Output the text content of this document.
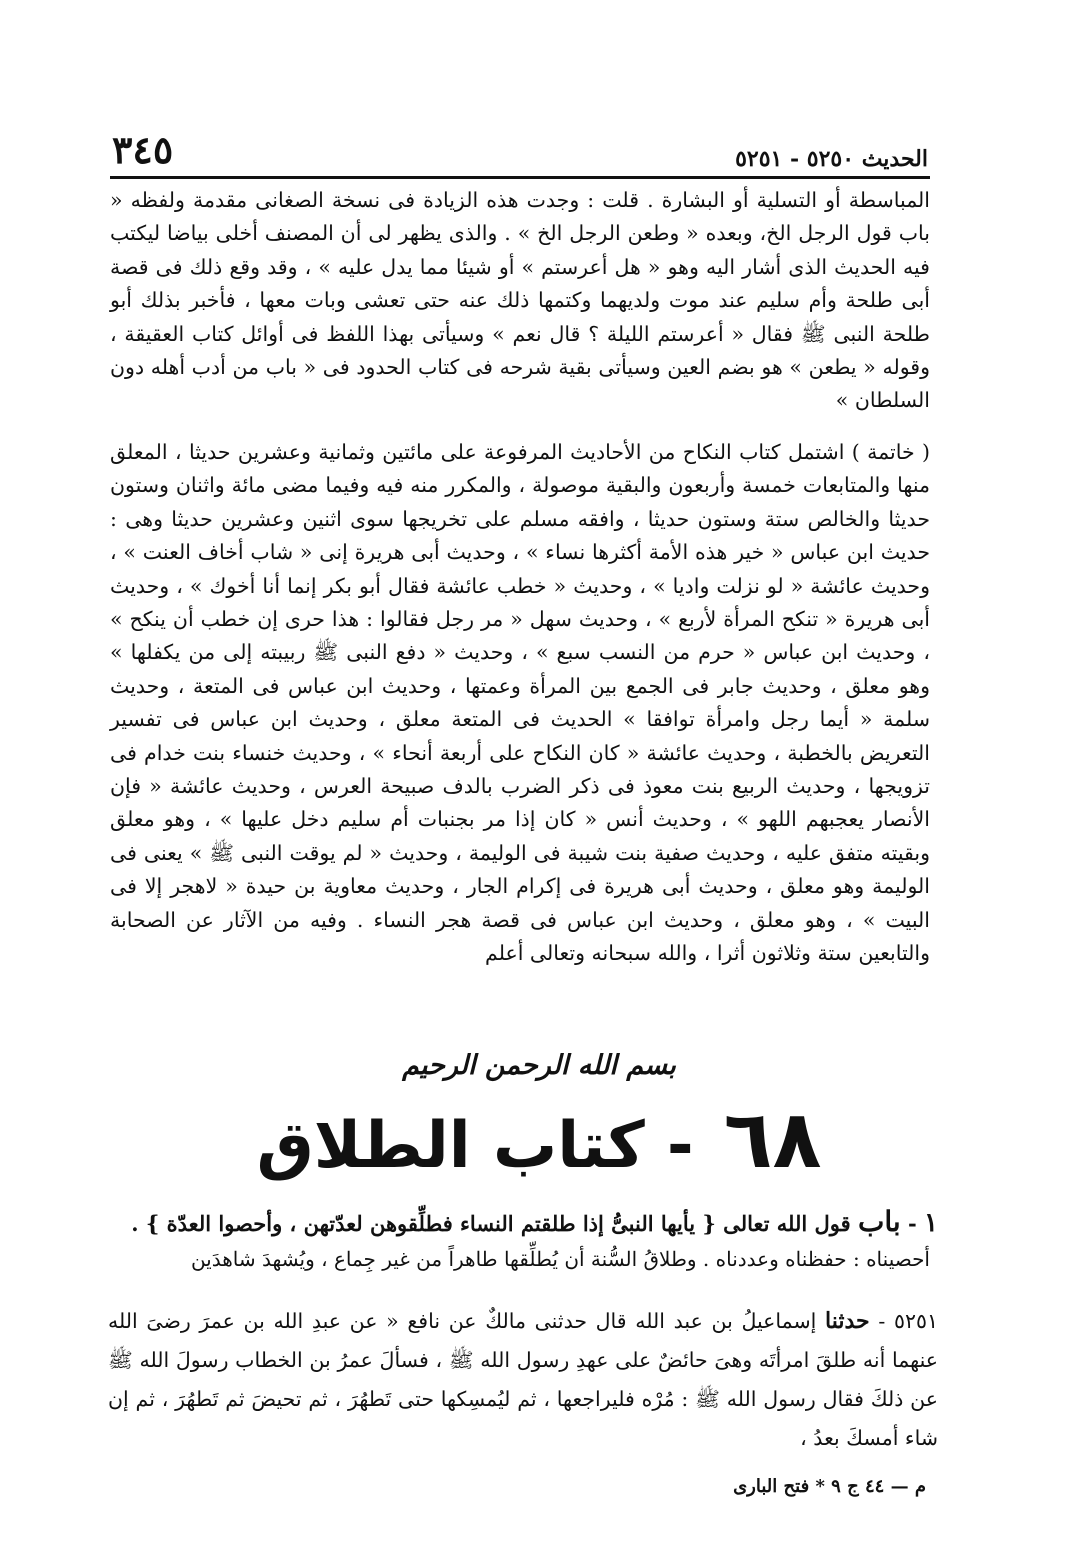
الحديث ٥٢٥٠ - ٥٢٥١
٣٤٥

المباسطة أو التسلية أو البشارة . قلت : وجدت هذه الزيادة فى نسخة الصغانى مقدمة ولفظه « باب قول الرجل الخ، وبعده « وطعن الرجل الخ » . والذى يظهر لى أن المصنف أخلى بياضا ليكتب فيه الحديث الذى أشار اليه وهو « هل أعرستم » أو شيئا مما يدل عليه » ، وقد وقع ذلك فى قصة أبى طلحة وأم سليم عند موت ولديهما وكتمها ذلك عنه حتى تعشى وبات معها ، فأخبر بذلك أبو طلحة النبى ﷺ فقال « أعرستم الليلة ؟ قال نعم » وسيأتى بهذا اللفظ فى أوائل كتاب العقيقة ، وقوله « يطعن » هو بضم العين وسيأتى بقية شرحه فى كتاب الحدود فى « باب من أدب أهله دون السلطان »

( خاتمة ) اشتمل كتاب النكاح من الأحاديث المرفوعة على مائتين وثمانية وعشرين حديثا ، المعلق منها والمتابعات خمسة وأربعون والبقية موصولة ، والمكرر منه فيه وفيما مضى مائة واثنان وستون حديثا والخالص ستة وستون حديثا ، وافقه مسلم على تخريجها سوى اثنين وعشرين حديثا وهى : حديث ابن عباس « خير هذه الأمة أكثرها نساء » ، وحديث أبى هريرة إنى « شاب أخاف العنت » ، وحديث عائشة « لو نزلت واديا » ، وحديث « خطب عائشة فقال أبو بكر إنما أنا أخوك » ، وحديث أبى هريرة « تنكح المرأة لأربع » ، وحديث سهل « مر رجل فقالوا : هذا حرى إن خطب أن ينكح » ، وحديث ابن عباس « حرم من النسب سبع » ، وحديث « دفع النبى ﷺ ربيبته إلى من يكفلها » وهو معلق ، وحديث جابر فى الجمع بين المرأة وعمتها ، وحديث ابن عباس فى المتعة ، وحديث سلمة « أيما رجل وامرأة توافقا » الحديث فى المتعة معلق ، وحديث ابن عباس فى تفسير التعريض بالخطبة ، وحديث عائشة « كان النكاح على أربعة أنحاء » ، وحديث خنساء بنت خدام فى تزويجها ، وحديث الربيع بنت معوذ فى ذكر الضرب بالدف صبيحة العرس ، وحديث عائشة « فإن الأنصار يعجبهم اللهو » ، وحديث أنس « كان إذا مر بجنبات أم سليم دخل عليها » ، وهو معلق وبقيته متفق عليه ، وحديث صفية بنت شيبة فى الوليمة ، وحديث « لم يوقت النبى ﷺ » يعنى فى الوليمة وهو معلق ، وحديث أبى هريرة فى إكرام الجار ، وحديث معاوية بن حيدة « لاهجر إلا فى البيت » ، وهو معلق ، وحديث ابن عباس فى قصة هجر النساء . وفيه من الآثار عن الصحابة والتابعين ستة وثلاثون أثرا ، والله سبحانه وتعالى أعلم

بسم الله الرحمن الرحيم
٦٨ - كتاب الطلاق

١ - باب قول الله تعالى { يأيها النبىُّ إذا طلقتم النساء فطلِّقوهن لعدّتهن ، وأحصوا العدّة } .

أحصيناه : حفظناه وعددناه . وطلاقُ السُّنة أن يُطلِّقها طاهراً من غير جِماع ، ويُشهدَ شاهدَين

٥٢٥١ - حدثنا إسماعيلُ بن عبد الله قال حدثنى مالكٌ عن نافع « عن عبدِ الله بن عمرَ رضىَ الله عنهما أنه طلقَ امرأتَه وهىَ حائضٌ على عهدِ رسول الله ﷺ ، فسألَ عمرُ بن الخطاب رسولَ الله ﷺ عن ذلكَ فقال رسول الله ﷺ : مُرْه فليراجعها ، ثم ليُمسِكها حتى تَطهُرَ ، ثم تحيضَ ثم تَطهُرَ ، ثم إن شاء أمسكَ بعدُ ،

م — ٤٤ ج ٩ * فتح البارى
